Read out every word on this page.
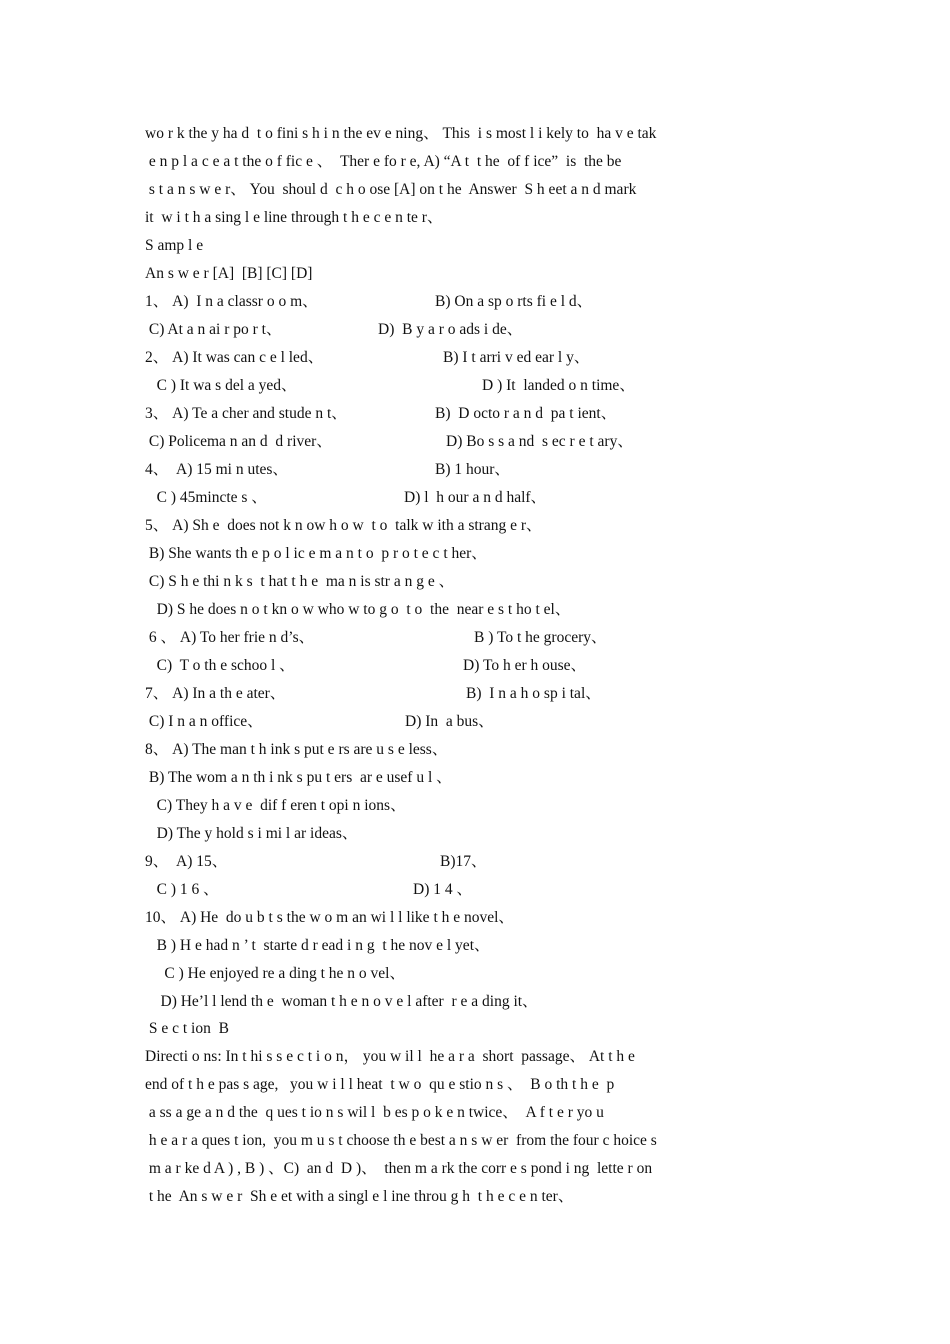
wo r k the y ha d  t o fini s h i n the ev e ning、 This  i s most l i kely to  ha v e tak
e n p l a c e a t the o f fic e 、  Ther e fo r e, A) “A t  t he  of f ice”  is  the be
s t a n s w e r、 You  shoul d  c h o ose [A] on t he  Answer  S h eet a n d mark
it  w i t h a sing l e line through t h e c e n te r、
S amp l e
An s w e r [A]  [B] [C] [D]
1、 A)  I n a classr o o m、	B) On a sp o rts fi e l d、
C) At a n ai r po r t、	D)  B y a r o ads i de、
2、 A) It was can c e l led、	B) I t arri v ed ear l y、
C ) It wa s del a yed、	D ) It  landed o n time、
3、 A) Te a cher and stude n t、	B)  D octo r a n d  pa t ient、
C) Policema n an d  d river、	D) Bo s s a nd  s ec r e t ary、
4、  A) 15 mi n utes、	B) 1 hour、
C ) 45mincte s 、	D) l  h our a n d half、
5、 A) Sh e  does not k n ow h o w  t o  talk w ith a strang e r、
B) She wants th e p o l ic e m a n t o  p r o t e c t her、
C) S h e thi n k s  t hat t h e  ma n is str a n g e 、
D) S he does n o t kn o w who w to g o  t o  the  near e s t ho t el、
6 、 A) To her frie n d’s、	B ) To t he grocery、
C)  T o th e schoo l 、	D) To h er h ouse、
7、 A) In a th e ater、	B)  I n a h o sp i tal、
C) I n a n office、	D) In  a bus、
8、 A) The man t h ink s put e rs are u s e less、
B) The wom a n th i nk s pu t ers  ar e usef u l 、
C) They h a v e  dif f eren t opi n ions、
D) The y hold s i mi l ar ideas、
9、  A) 15、	B)17、
C ) 1 6 、	D) 1 4 、
10、 A) He  do u b t s the w o m an wi l l like t h e novel、
B ) H e had n ’ t  starte d r ead i n g  t he nov e l yet、
C ) He enjoyed re a ding t he n o vel、
D) He’l l lend th e  woman t h e n o v e l after  r e a ding it、
S e c t ion  B
Directi o ns: In t hi s s e c t i o n， you w il l  he a r a  short  passage、 At t h e
end of t h e pas s age,   you w i l l heat  t w o  qu e stio n s 、  B o th t h e  p
a ss a ge a n d the  q ues t io n s wil l  b es p o k e n twice、  A f t e r yo u
h e a r a ques t ion,  you m u s t choose th e best a n s w er  from the four c hoice s
m a r ke d A ) , B ) 、C)  an d  D )、  then m a rk the corr e s pond i ng  lette r on
t he  An s w e r  Sh e et with a singl e l ine throu g h  t h e c e n ter、
